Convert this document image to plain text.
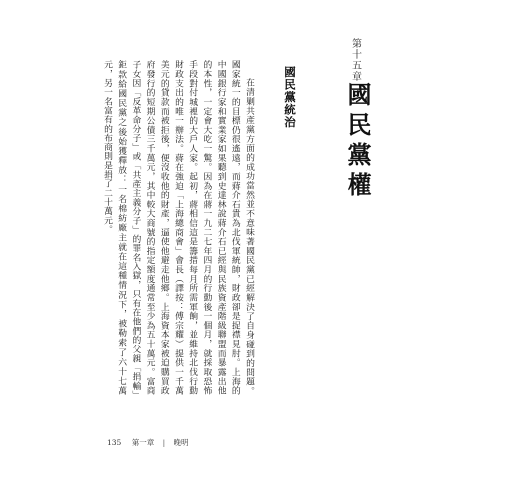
第十五章
國民黨權
國民黨統治

在清剿共產黨方面的成功當然並不意味著國民黨已經解決了自身碰到的問題。國家統一的目標仍很遙遠，而蔣介石貴為北伐軍統帥，財政卻是捉襟見肘。上海的中國銀行家和實業家如果聽到史達林說蔣介石已經與民族資產階級聯盟而暴露出他的本性，一定會大吃一驚。因為在蔣一九二七年四月的行動後一個月，就採取恐怖手段對付城裡的大戶人家。起初，蔣相信這是籌措每月所需軍餉，並維持北伐行動財政支出的唯一辦法。蔣在強迫「上海總商會」會長（譯按：傅宗耀）提供一千萬美元的貸款而被拒後，便沒收他的財產，逼使他避走他鄉。上海資本家被迫購買政府發行的短期公債三千萬元，其中較大商號的指定額度通常至少為五十萬元。富商子女因「反革命分子」或「共產主義分子」的罪名入獄，只有在他們的父親「捐輸」鉅款給國民黨之後始獲釋放：一名棉紡廠主就在這種情況下，被勒索了六十七萬元，另一名富有的布商則是捐了二十萬元。

135 第一章 | 晚明
